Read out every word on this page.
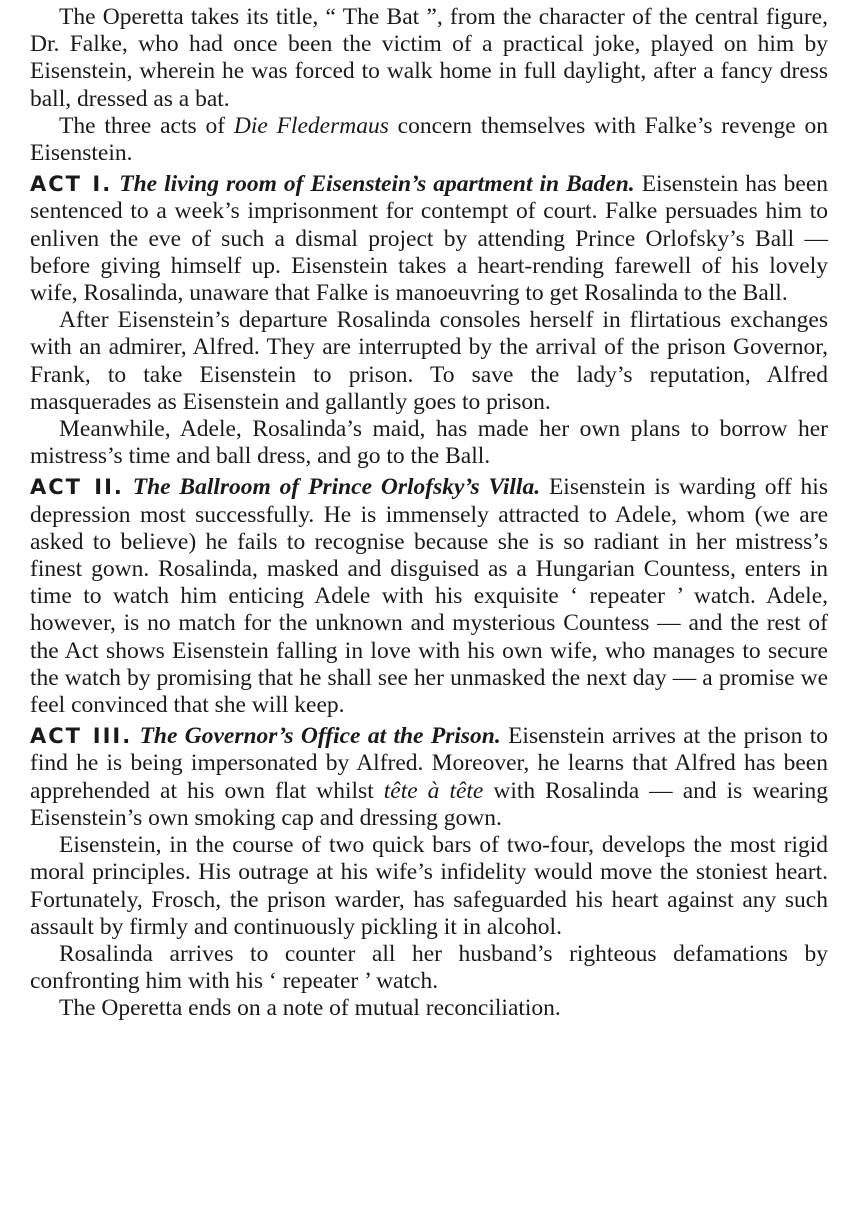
The Operetta takes its title, “ The Bat ”, from the character of the central figure, Dr. Falke, who had once been the victim of a practical joke, played on him by Eisenstein, wherein he was forced to walk home in full daylight, after a fancy dress ball, dressed as a bat.

The three acts of Die Fledermaus concern themselves with Falke’s revenge on Eisenstein.

ACT I. The living room of Eisenstein’s apartment in Baden. Eisenstein has been sentenced to a week’s imprisonment for contempt of court. Falke persuades him to enliven the eve of such a dismal project by attending Prince Orlofsky’s Ball — before giving himself up. Eisenstein takes a heart-rending farewell of his lovely wife, Rosalinda, unaware that Falke is manoeuvring to get Rosalinda to the Ball.

After Eisenstein’s departure Rosalinda consoles herself in flirtatious exchanges with an admirer, Alfred. They are interrupted by the arrival of the prison Governor, Frank, to take Eisenstein to prison. To save the lady’s reputation, Alfred masquerades as Eisenstein and gallantly goes to prison.

Meanwhile, Adele, Rosalinda’s maid, has made her own plans to borrow her mistress’s time and ball dress, and go to the Ball.

ACT II. The Ballroom of Prince Orlofsky’s Villa. Eisenstein is warding off his depression most successfully. He is immensely attracted to Adele, whom (we are asked to believe) he fails to recognise because she is so radiant in her mistress’s finest gown. Rosalinda, masked and disguised as a Hungarian Countess, enters in time to watch him enticing Adele with his exquisite ‘ repeater ’ watch. Adele, however, is no match for the unknown and mysterious Countess — and the rest of the Act shows Eisenstein falling in love with his own wife, who manages to secure the watch by promising that he shall see her unmasked the next day — a promise we feel convinced that she will keep.

ACT III. The Governor’s Office at the Prison. Eisenstein arrives at the prison to find he is being impersonated by Alfred. Moreover, he learns that Alfred has been apprehended at his own flat whilst tête à tête with Rosalinda — and is wearing Eisenstein’s own smoking cap and dressing gown.

Eisenstein, in the course of two quick bars of two-four, develops the most rigid moral principles. His outrage at his wife’s infidelity would move the stoniest heart. Fortunately, Frosch, the prison warder, has safeguarded his heart against any such assault by firmly and continuously pickling it in alcohol.

Rosalinda arrives to counter all her husband’s righteous defamations by confronting him with his ‘ repeater ’ watch.

The Operetta ends on a note of mutual reconciliation.
